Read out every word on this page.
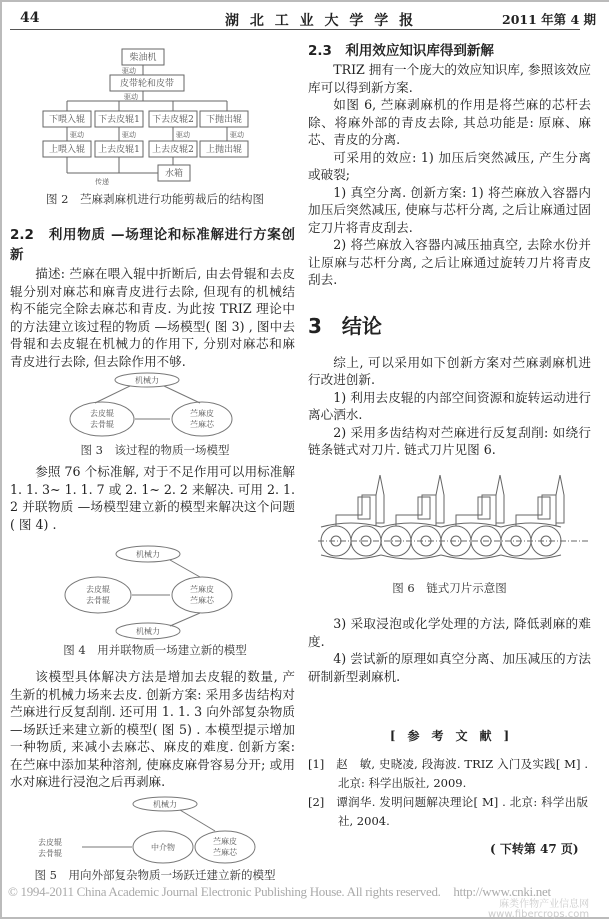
44	湖 北 工 业 大 学 学 报	2011 年第 4 期
柴油机
皮带轮和皮带
驱动
驱动
下喂入辊 下去皮辊1 下去皮辊2 下抛出辊
驱动	驱动	驱动	驱动
上喂入辊 上去皮辊1 上去皮辊2 上抛出辊
水箱
传递
图 2　苎麻剥麻机进行功能剪裁后的结构图
2.2　利用物质 —场理论和标准解进行方案创新
描述: 苎麻在喂入辊中折断后, 由去骨辊和去皮辊分别对麻芯和麻青皮进行去除, 但现有的机械结构不能完全除去麻芯和青皮. 为此按 TRIZ 理论中的方法建立该过程的物质 —场模型( 图 3) , 图中去骨辊和去皮辊在机械力的作用下, 分别对麻芯和麻青皮进行去除, 但去除作用不够.
机械力
去皮辊
去骨辊
苎麻皮
苎麻芯
图 3　该过程的物质一场模型
参照 76 个标准解, 对于不足作用可以用标准解 1. 1. 3~ 1. 1. 7 或 2. 1~ 2. 2 来解决. 可用 2. 1. 2 并联物质 —场模型建立新的模型来解决这个问题( 图 4) .
机械力
去皮辊
去骨辊
苎麻皮
苎麻芯
机械力
图 4　用并联物质一场建立新的模型
该模型具体解决方法是增加去皮辊的数量, 产生新的机械力场来去皮. 创新方案: 采用多齿结构对苎麻进行反复刮削. 还可用 1. 1. 3 向外部复杂物质 —场跃迁来建立新的模型( 图 5) . 本模型提示增加一种物质, 来减小去麻芯、麻皮的难度. 创新方案: 在苎麻中添加某种溶剂, 使麻皮麻骨容易分开; 或用水对麻进行浸泡之后再剥麻.
机械力
去皮辊
去骨辊
中介物
苎麻皮
苎麻芯
图 5　用向外部复杂物质一场跃迁建立新的模型
2.3　利用效应知识库得到新解
TRIZ 拥有一个庞大的效应知识库, 参照该效应库可以得到新方案.
如图 6, 苎麻剥麻机的作用是将苎麻的芯杆去除、将麻外部的青皮去除, 其总功能是: 原麻、麻芯、青皮的分离.
可采用的效应: 1) 加压后突然减压, 产生分离或破裂;
1) 真空分离. 创新方案: 1) 将苎麻放入容器内加压后突然减压, 使麻与芯杆分离, 之后让麻通过固定刀片将青皮刮去.
2) 将苎麻放入容器内减压抽真空, 去除水份并让原麻与芯杆分离, 之后让麻通过旋转刀片将青皮刮去.
3　结论
综上, 可以采用如下创新方案对苎麻剥麻机进行改进创新.
1) 利用去皮辊的内部空间资源和旋转运动进行离心洒水.
2) 采用多齿结构对苎麻进行反复刮削: 如绕行链条链式对刀片. 链式刀片见图 6.
图 6　链式刀片示意图
3) 采取浸泡或化学处理的方法, 降低剥麻的难度.
4) 尝试新的原理如真空分离、加压减压的方法研制新型剥麻机.
[　参　考　文　献　]
[1]　赵　敏, 史晓凌, 段海波. TRIZ 入门及实践[ M] . 北京: 科学出版社, 2009.
[2]　谭润华. 发明问题解决理论[ M] . 北京: 科学出版社, 2004.
( 下转第 47 页)
© 1994-2011 China Academic Journal Electronic Publishing House. All rights reserved.　http://www.cnki.net
麻类作物产业信息网
www.fibercrops.com
